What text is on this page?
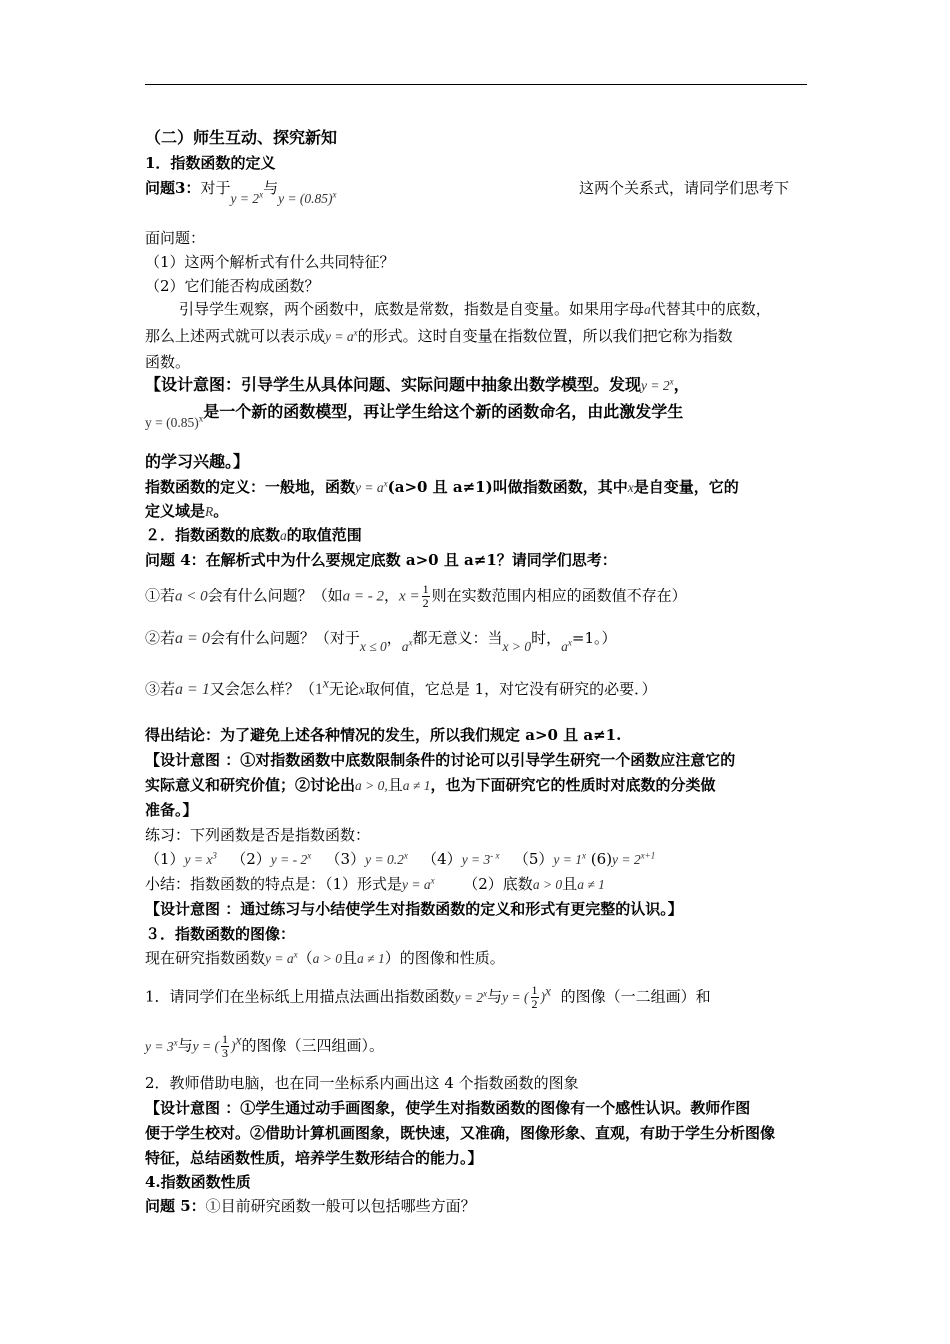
（二）师生互动、探究新知
1．指数函数的定义
问题3：对于$y = 2^x$与$y = (0.85)^x$	这两个关系式，请同学们思考下
面问题：
（1）这两个解析式有什么共同特征？
（2）它们能否构成函数？
引导学生观察，两个函数中，底数是常数，指数是自变量。如果用字母a代替其中的底数，
那么上述两式就可以表示成$y = a^x$的形式。这时自变量在指数位置，所以我们把它称为指数
函数。
【设计意图：引导学生从具体问题、实际问题中抽象出数学模型。发现$y = 2^x$，
$_{y = (0.85)^x}$是一个新的函数模型，再让学生给这个新的函数命名，由此激发学生
的学习兴趣。】
指数函数的定义：一般地，函数$y = a^x(a>0$ 且 a≠1)叫做指数函数，其中x是自变量，它的
定义域是R。
２．指数函数的底数a的取值范围
问题 4：在解析式中为什么要规定底数 a>0 且 a≠1？请同学们思考：
①若a < 0会有什么问题？（如a = - 2，$x = \frac{1}{2}$ 则在实数范围内相应的函数值不存在）
②若a = 0会有什么问题？（对于x ≤ 0，$a^x$都无意义：当x > 0时，$a^x=1$。）
③若a = 1又会怎么样？（1$^x$无论x取何值，它总是 1，对它没有研究的必要．）
得出结论：为了避免上述各种情况的发生，所以我们规定 a>0 且 a≠1.
【设计意图 ：①对指数函数中底数限制条件的讨论可以引导学生研究一个函数应注意它的
实际意义和研究价值；②讨论出a > 0,且a ≠ 1，也为下面研究它的性质时对底数的分类做
准备。】
练习：下列函数是否是指数函数：
$(1)y = x^3$ （2）y = - 2$^x$ $(3)y = 0.2^x$ $(4)y = 3^{- x}$ $(5)y = 1^x$ $(6)y = 2^{x+1}$
小结：指数函数的特点是：（1）形式是$y = a^x$ （2）底数a > 0且a ≠ 1
【设计意图 ：通过练习与小结使学生对指数函数的定义和形式有更完整的认识。】
３．指数函数的图像：
现在研究指数函数$y = a^x(a > 0$且a ≠ 1）的图像和性质。
1．请同学们在坐标纸上用描点法画出指数函数$y = 2^x$与y = ( $\frac{1}{2} )^x$ 的图像（一二组画）和
$y = 3^x$与y = ( $\frac{1}{3} )^x$的图像（三四组画）。
2．教师借助电脑，也在同一坐标系内画出这 4 个指数函数的图象
【设计意图 ：①学生通过动手画图象，使学生对指数函数的图像有一个感性认识。教师作图
便于学生校对。②借助计算机画图象，既快速，又准确，图像形象、直观，有助于学生分析图像
特征，总结函数性质，培养学生数形结合的能力。】
4.指数函数性质
问题 5：①目前研究函数一般可以包括哪些方面？
